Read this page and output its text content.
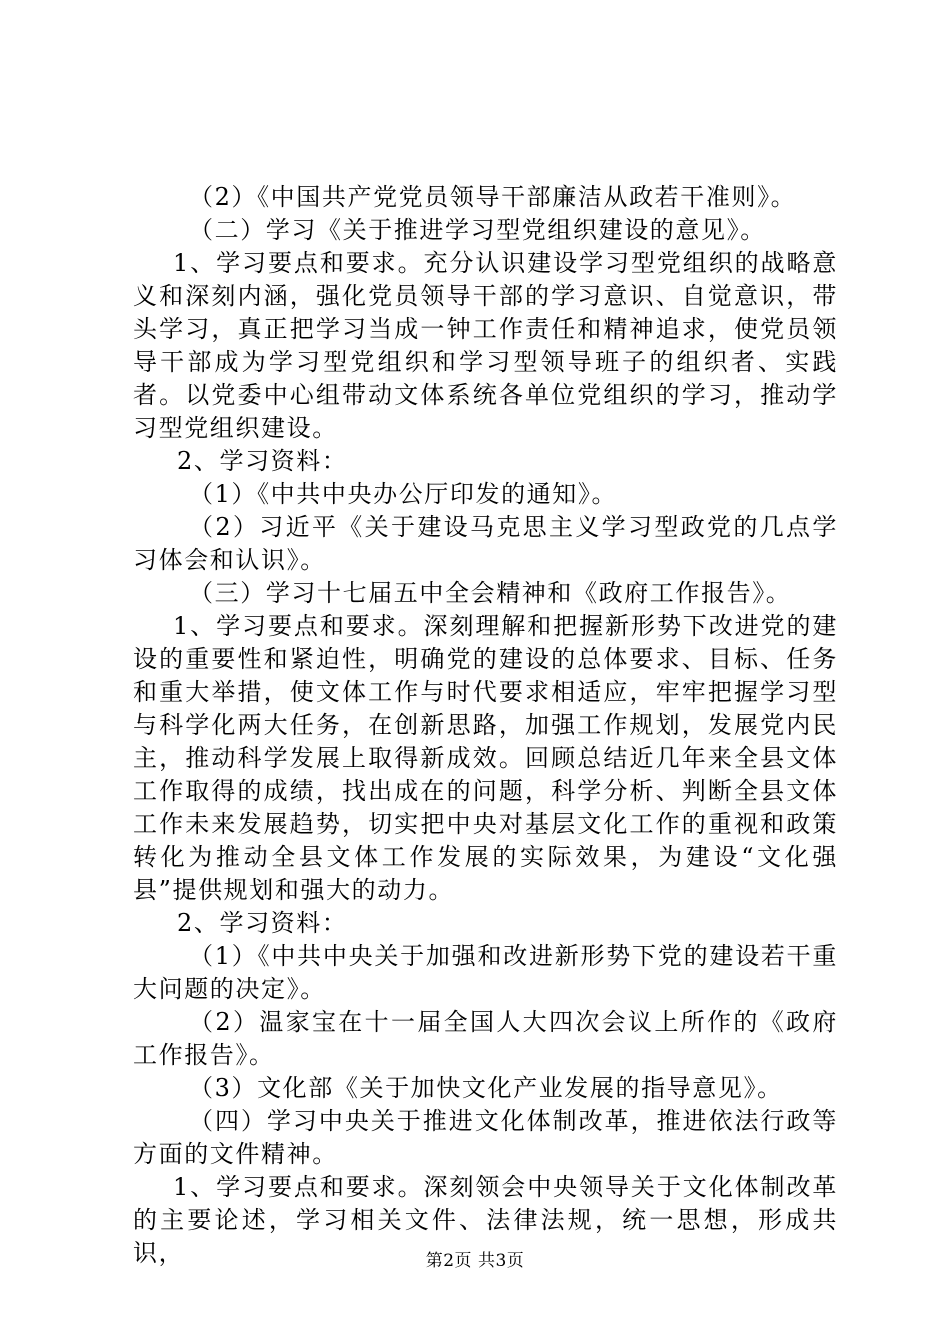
（2）《中国共产党党员领导干部廉洁从政若干准则》。

（二）学习《关于推进学习型党组织建设的意见》。

1、学习要点和要求。充分认识建设学习型党组织的战略意义和深刻内涵，强化党员领导干部的学习意识、自觉意识，带头学习，真正把学习当成一钟工作责任和精神追求，使党员领导干部成为学习型党组织和学习型领导班子的组织者、实践者。以党委中心组带动文体系统各单位党组织的学习，推动学习型党组织建设。

2、学习资料：

（1）《中共中央办公厅印发的通知》。

（2）习近平《关于建设马克思主义学习型政党的几点学习体会和认识》。

（三）学习十七届五中全会精神和《政府工作报告》。

1、学习要点和要求。深刻理解和把握新形势下改进党的建设的重要性和紧迫性，明确党的建设的总体要求、目标、任务和重大举措，使文体工作与时代要求相适应，牢牢把握学习型与科学化两大任务，在创新思路，加强工作规划，发展党内民主，推动科学发展上取得新成效。回顾总结近几年来全县文体工作取得的成绩，找出成在的问题，科学分析、判断全县文体工作未来发展趋势，切实把中央对基层文化工作的重视和政策转化为推动全县文体工作发展的实际效果，为建设“文化强县”提供规划和强大的动力。

2、学习资料：

（1）《中共中央关于加强和改进新形势下党的建设若干重大问题的决定》。

（2）温家宝在十一届全国人大四次会议上所作的《政府工作报告》。

（3）文化部《关于加快文化产业发展的指导意见》。

（四）学习中央关于推进文化体制改革，推进依法行政等方面的文件精神。

1、学习要点和要求。深刻领会中央领导关于文化体制改革的主要论述，学习相关文件、法律法规，统一思想，形成共识，	第2页 共3页
